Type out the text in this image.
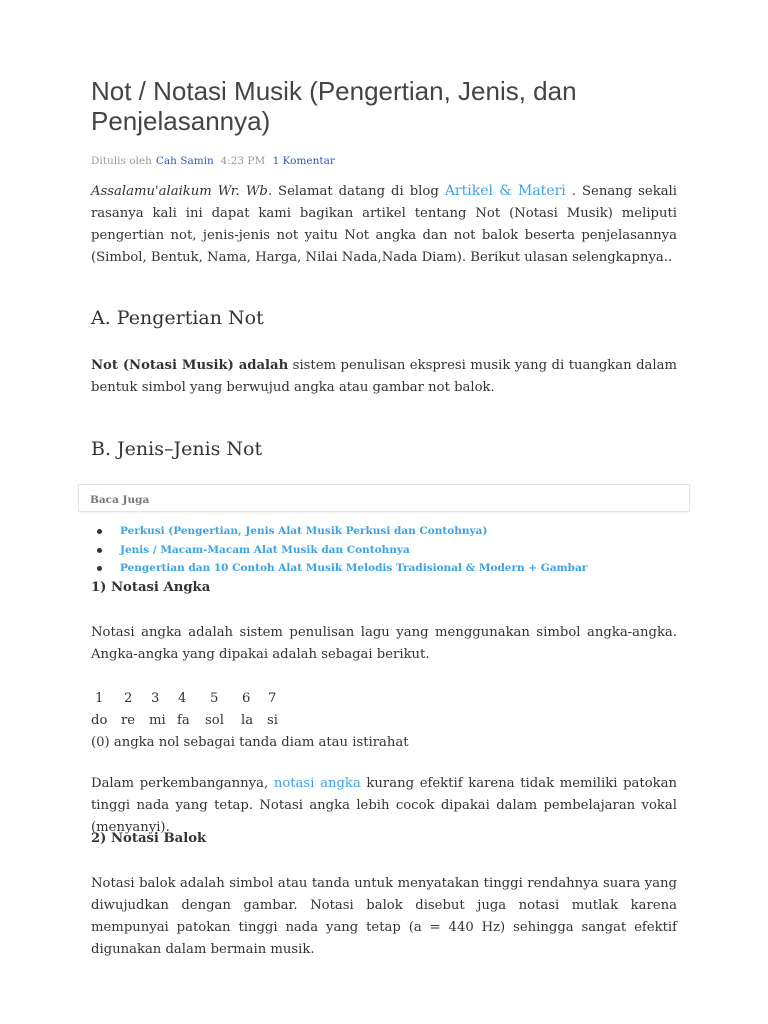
Not / Notasi Musik (Pengertian, Jenis, dan Penjelasannya)
Ditulis oleh Cah Samin 4:23 PM 1 Komentar

Assalamu'alaikum Wr. Wb. Selamat datang di blog Artikel & Materi . Senang sekali rasanya kali ini dapat kami bagikan artikel tentang Not (Notasi Musik) meliputi pengertian not, jenis-jenis not yaitu Not angka dan not balok beserta penjelasannya (Simbol, Bentuk, Nama, Harga, Nilai Nada,Nada Diam). Berikut ulasan selengkapnya..

A. Pengertian Not

Not (Notasi Musik) adalah sistem penulisan ekspresi musik yang di tuangkan dalam bentuk simbol yang berwujud angka atau gambar not balok.

B. Jenis–Jenis Not
Baca Juga
Perkusi (Pengertian, Jenis Alat Musik Perkusi dan Contohnya)
Jenis / Macam-Macam Alat Musik dan Contohnya
Pengertian dan 10 Contoh Alat Musik Melodis Tradisional & Modern + Gambar
1) Notasi Angka

Notasi angka adalah sistem penulisan lagu yang menggunakan simbol angka-angka. Angka-angka yang dipakai adalah sebagai berikut.

1	2	3	4	5	6	7
do	re	mi fa	sol	la	si
(0) angka nol sebagai tanda diam atau istirahat

Dalam perkembangannya, notasi angka kurang efektif karena tidak memiliki patokan tinggi nada yang tetap. Notasi angka lebih cocok dipakai dalam pembelajaran vokal (menyanyi).

2) Notasi Balok

Notasi balok adalah simbol atau tanda untuk menyatakan tinggi rendahnya suara yang diwujudkan dengan gambar. Notasi balok disebut juga notasi mutlak karena mempunyai patokan tinggi nada yang tetap (a = 440 Hz) sehingga sangat efektif digunakan dalam bermain musik.
